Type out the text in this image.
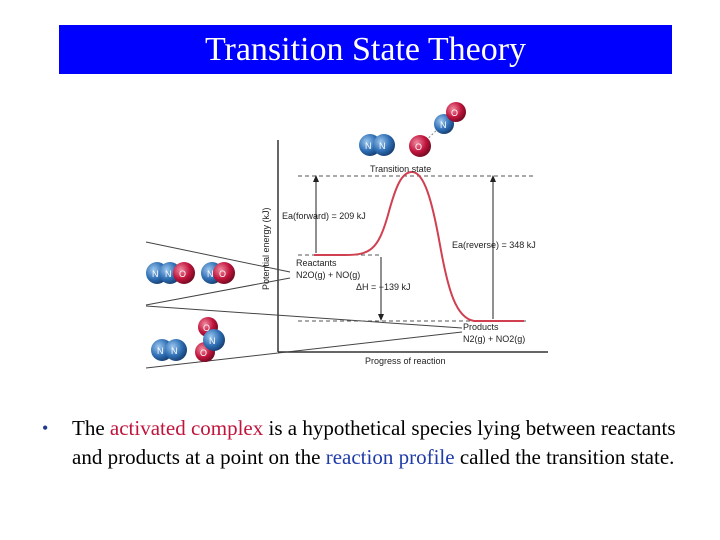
Transition State Theory
Transition state
Ea(forward) = 209 kJ
Ea(reverse) = 348 kJ
Reactants
N2O(g) + NO(g)
ΔH = −139 kJ
Products
N2(g) + NO2(g)
Progress of reaction
Potential energy (kJ)
N N	O
N
O
N N O N O
N N
O
N
O
• The activated complex is a hypothetical species lying between reactants and products at a point on the reaction profile called the transition state.
